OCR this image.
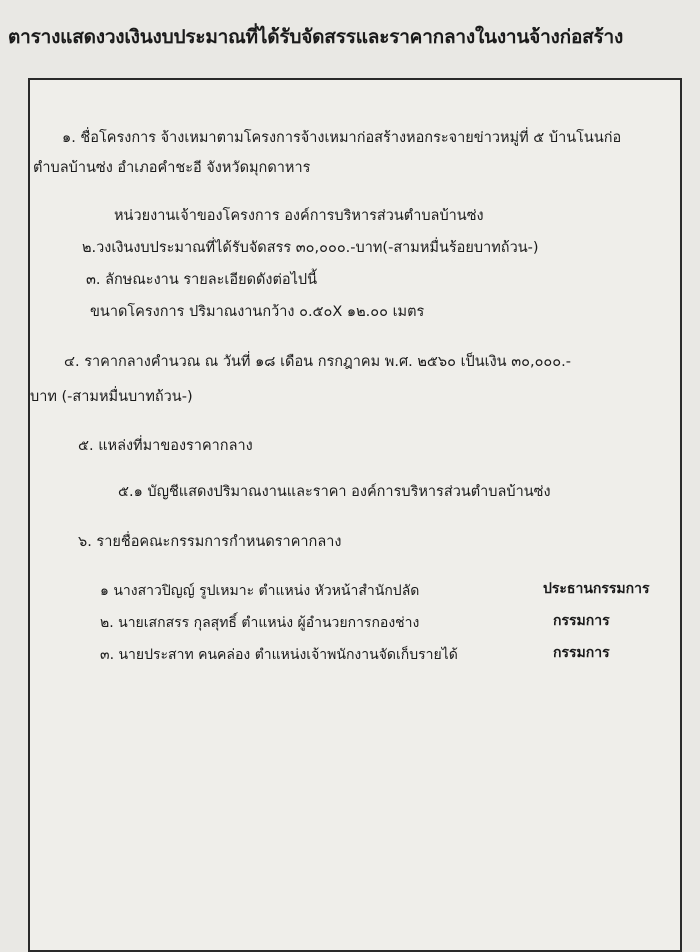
ตารางแสดงวงเงินงบประมาณที่ได้รับจัดสรรและราคากลางในงานจ้างก่อสร้าง
๑. ชื่อโครงการ จ้างเหมาตามโครงการจ้างเหมาก่อสร้างหอกระจายข่าวหมู่ที่ ๕ บ้านโนนก่อ
ตำบลบ้านซ่ง อำเภอคำชะอี จังหวัดมุกดาหาร
หน่วยงานเจ้าของโครงการ องค์การบริหารส่วนตำบลบ้านซ่ง
๒.วงเงินงบประมาณที่ได้รับจัดสรร ๓๐,๐๐๐.-บาท(-สามหมื่นร้อยบาทถ้วน-)
๓. ลักษณะงาน รายละเอียดดังต่อไปนี้
ขนาดโครงการ ปริมาณงานกว้าง ๐.๕๐X ๑๒.๐๐ เมตร
๔. ราคากลางคำนวณ ณ วันที่ ๑๘ เดือน กรกฎาคม พ.ศ. ๒๕๖๐ เป็นเงิน ๓๐,๐๐๐.-
บาท (-สามหมื่นบาทถ้วน-)
๕. แหล่งที่มาของราคากลาง
๕.๑ บัญชีแสดงปริมาณงานและราคา องค์การบริหารส่วนตำบลบ้านซ่ง
๖. รายชื่อคณะกรรมการกำหนดราคากลาง
๑ นางสาวปิญญ์ รูปเหมาะ ตำแหน่ง หัวหน้าสำนักปลัด	ประธานกรรมการ
๒. นายเสกสรร กุลสุทธิ์ ตำแหน่ง ผู้อำนวยการกองช่าง	กรรมการ
๓. นายประสาท คนคล่อง ตำแหน่งเจ้าพนักงานจัดเก็บรายได้	กรรมการ
